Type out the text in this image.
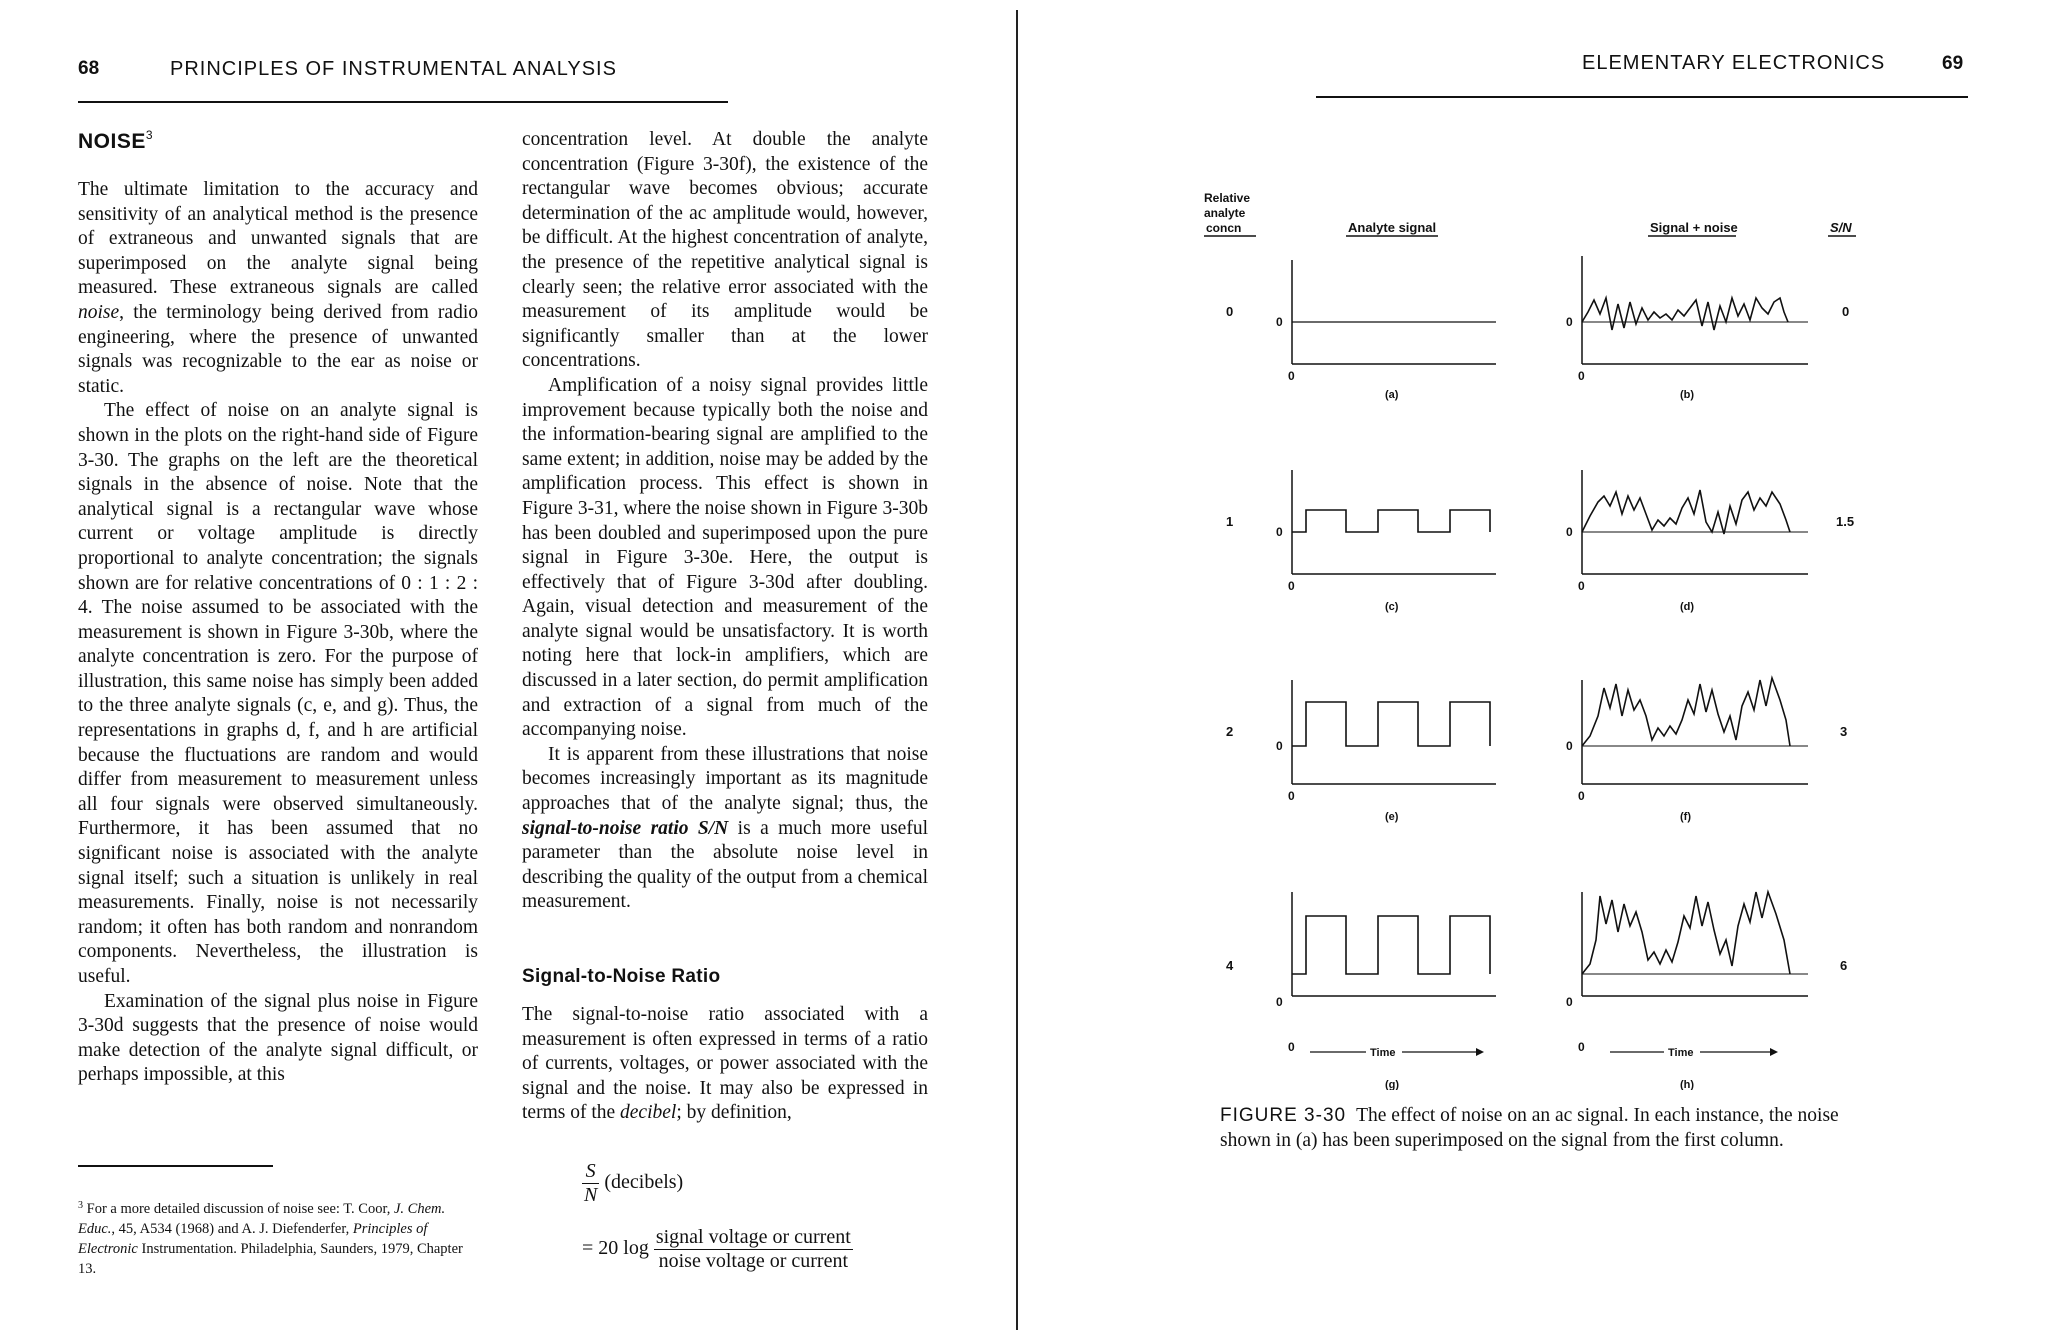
68	PRINCIPLES OF INSTRUMENTAL ANALYSIS
NOISE$^3$

The ultimate limitation to the accuracy and sensitivity of an analytical method is the presence of extraneous and unwanted signals that are superimposed on the analyte signal being measured. These extraneous signals are called noise, the terminology being derived from radio engineering, where the presence of unwanted signals was recognizable to the ear as noise or static.

The effect of noise on an analyte signal is shown in the plots on the right-hand side of Figure 3-30. The graphs on the left are the theoretical signals in the absence of noise. Note that the analytical signal is a rectangular wave whose current or voltage amplitude is directly proportional to analyte concentration; the signals shown are for relative concentrations of 0 : 1 : 2 : 4. The noise assumed to be associated with the measurement is shown in Figure 3-30b, where the analyte concentration is zero. For the purpose of illustration, this same noise has simply been added to the three analyte signals (c, e, and g). Thus, the representations in graphs d, f, and h are artificial because the fluctuations are random and would differ from measurement to measurement unless all four signals were observed simultaneously. Furthermore, it has been assumed that no significant noise is associated with the analyte signal itself; such a situation is unlikely in real measurements. Finally, noise is not necessarily random; it often has both random and nonrandom components. Nevertheless, the illustration is useful.

Examination of the signal plus noise in Figure 3-30d suggests that the presence of noise would make detection of the analyte signal difficult, or perhaps impossible, at this

$^3$ For a more detailed discussion of noise see: T. Coor, J. Chem. Educ., 45, A534 (1968) and A. J. Diefenderfer, Principles of Electronic Instrumentation. Philadelphia, Saunders, 1979, Chapter 13.

concentration level. At double the analyte concentration (Figure 3-30f), the existence of the rectangular wave becomes obvious; accurate determination of the ac amplitude would, however, be difficult. At the highest concentration of analyte, the presence of the repetitive analytical signal is clearly seen; the relative error associated with the measurement of its amplitude would be significantly smaller than at the lower concentrations.

Amplification of a noisy signal provides little improvement because typically both the noise and the information-bearing signal are amplified to the same extent; in addition, noise may be added by the amplification process. This effect is shown in Figure 3-31, where the noise shown in Figure 3-30b has been doubled and superimposed upon the pure signal in Figure 3-30e. Here, the output is effectively that of Figure 3-30d after doubling. Again, visual detection and measurement of the analyte signal would be unsatisfactory. It is worth noting here that lock-in amplifiers, which are discussed in a later section, do permit amplification and extraction of a signal from much of the accompanying noise.

It is apparent from these illustrations that noise becomes increasingly important as its magnitude approaches that of the analyte signal; thus, the signal-to-noise ratio S/N is a much more useful parameter than the absolute noise level in describing the quality of the output from a chemical measurement.

Signal-to-Noise Ratio

The signal-to-noise ratio associated with a measurement is often expressed in terms of a ratio of currents, voltages, or power associated with the signal and the noise. It may also be expressed in terms of the decibel; by definition,

$\frac{S}{N}$ (decibels)
= 20 $\log \frac{\text{signal voltage or current}}{\text{noise voltage or current}}$
ELEMENTARY ELECTRONICS	69
Relative
analyte
concn	Analyte signal	Signal + noise	S/N
0	0
0
0
(a)
0
0
(b)
1	1.5
0
0
(c)
0
0
(d)
2	3
0
0
(e)
0
0
(f)
4	6
0
0	Time
(g)
0
0	Time
(h)
FIGURE 3-30 The effect of noise on an ac signal. In each instance, the noise shown in (a) has been superimposed on the signal from the first column.
